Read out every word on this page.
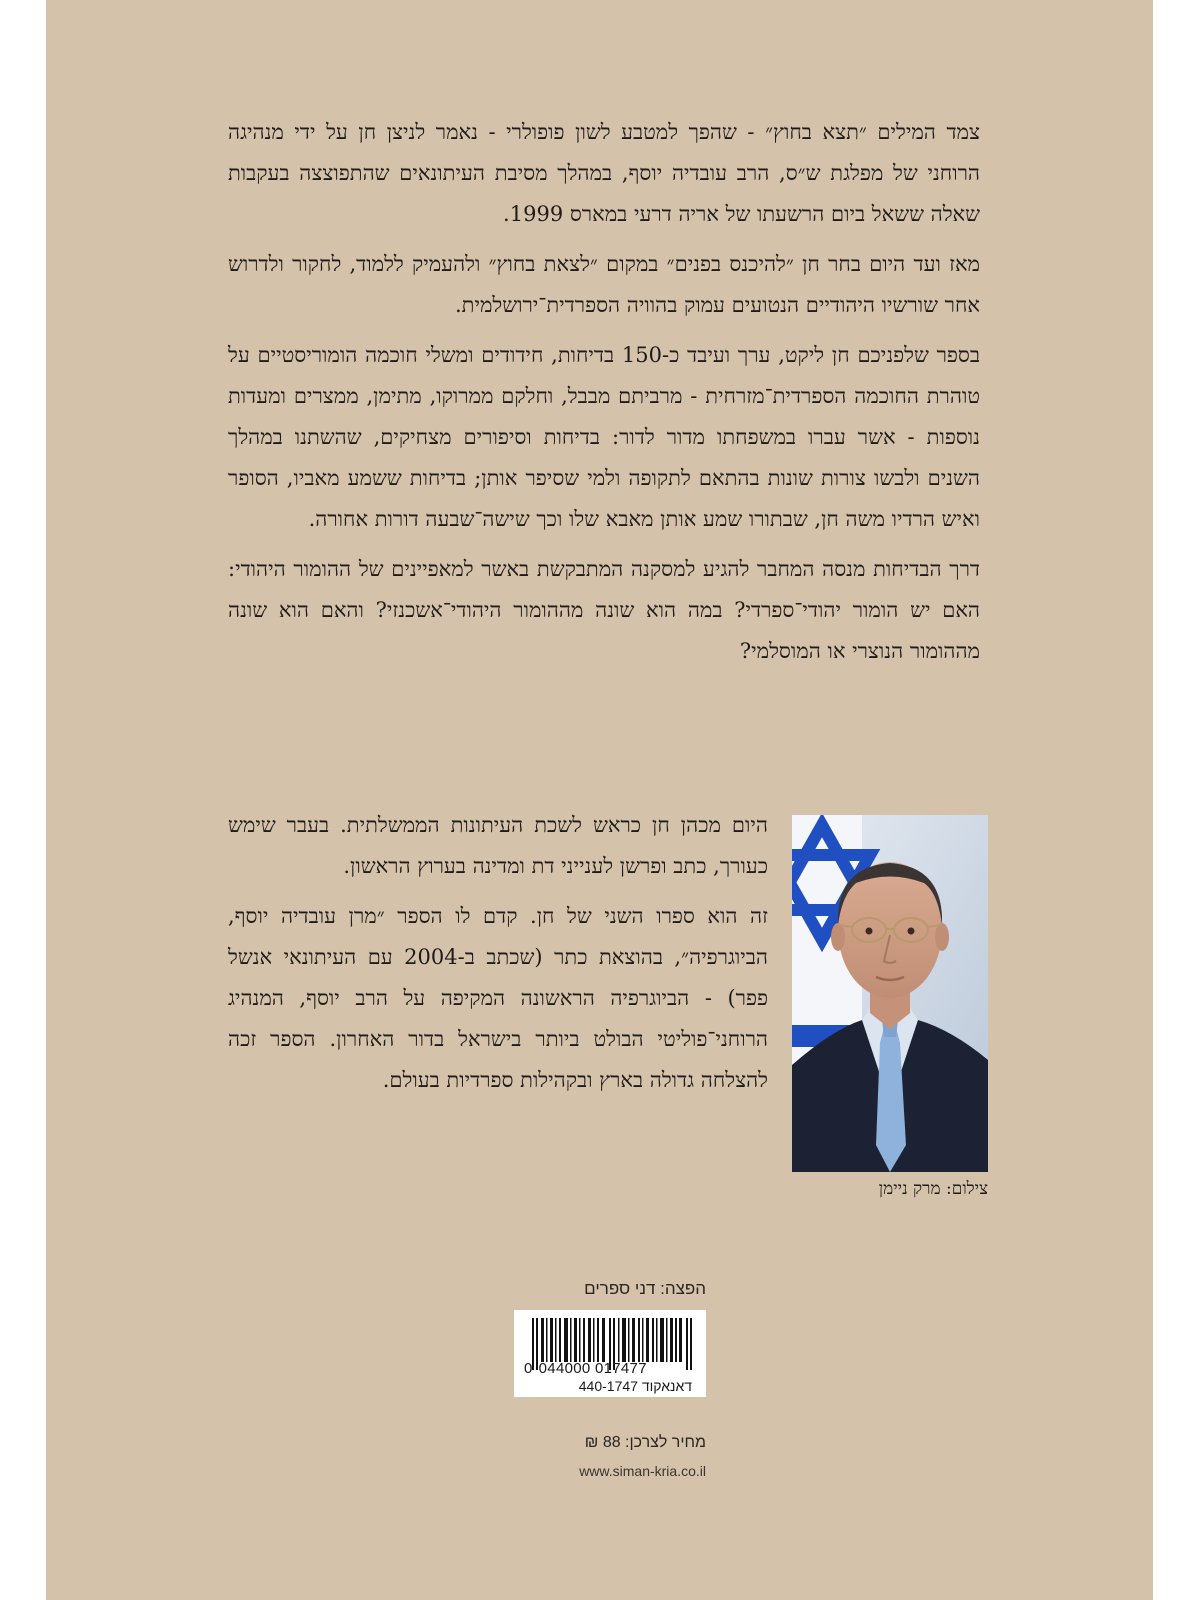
צמד המילים ״תצא בחוץ״ - שהפך למטבע לשון פופולרי - נאמר לניצן חן על ידי מנהיגה הרוחני של מפלגת ש״ס, הרב עובדיה יוסף, במהלך מסיבת העיתונאים שהתפוצצה בעקבות שאלה ששאל ביום הרשעתו של אריה דרעי במארס 1999.

מאז ועד היום בחר חן ״להיכנס בפנים״ במקום ״לצאת בחוץ״ ולהעמיק ללמוד, לחקור ולדרוש אחר שורשיו היהודיים הנטועים עמוק בהוויה הספרדית־ירושלמית.

בספר שלפניכם חן ליקט, ערך ועיבד כ-150 בדיחות, חידודים ומשלי חוכמה הומוריסטיים על טוהרת החוכמה הספרדית־מזרחית - מרביתם מבבל, וחלקם ממרוקו, מתימן, ממצרים ומעדות נוספות - אשר עברו במשפחתו מדור לדור: בדיחות וסיפורים מצחיקים, שהשתנו במהלך השנים ולבשו צורות שונות בהתאם לתקופה ולמי שסיפר אותן; בדיחות ששמע מאביו, הסופר ואיש הרדיו משה חן, שבתורו שמע אותן מאבא שלו וכך שישה־שבעה דורות אחורה.

דרך הבדיחות מנסה המחבר להגיע למסקנה המתבקשת באשר למאפיינים של ההומור היהודי: האם יש הומור יהודי־ספרדי? במה הוא שונה מההומור היהודי־אשכנזי? והאם הוא שונה מההומור הנוצרי או המוסלמי?

היום מכהן חן כראש לשכת העיתונות הממשלתית. בעבר שימש כעורך, כתב ופרשן לענייני דת ומדינה בערוץ הראשון.

זה הוא ספרו השני של חן. קדם לו הספר ״מרן עובדיה יוסף, הביוגרפיה״, בהוצאת כתר (שכתב ב-2004 עם העיתונאי אנשל פפר) - הביוגרפיה הראשונה המקיפה על הרב יוסף, המנהיג הרוחני־פוליטי הבולט ביותר בישראל בדור האחרון. הספר זכה להצלחה גדולה בארץ ובקהילות ספרדיות בעולם.

צילום: מרק ניימן
הפצה: דני ספרים
0 044000 017477
דאנאקוד 440-1747
מחיר לצרכן: 88 ₪
www.siman-kria.co.il
